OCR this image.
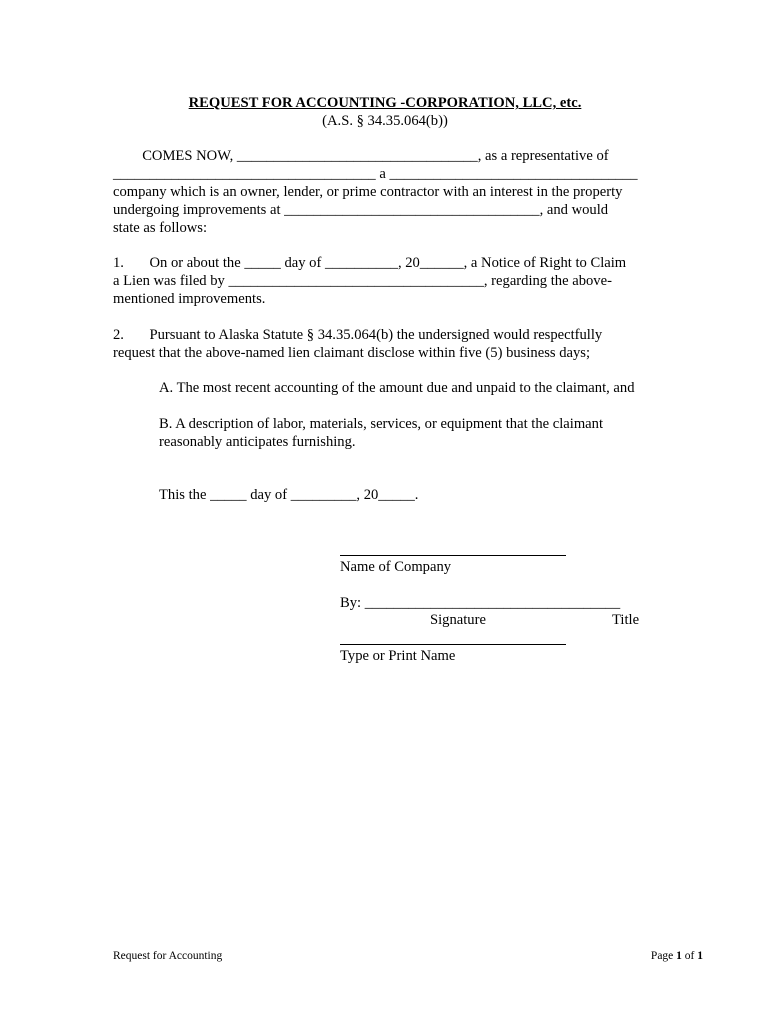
REQUEST FOR ACCOUNTING -CORPORATION, LLC, etc.
(A.S. § 34.35.064(b))
COMES NOW, _________________________________, as a representative of
____________________________________ a __________________________________
company which is an owner, lender, or prime contractor with an interest in the property
undergoing improvements at ___________________________________, and would
state as follows:
1.       On or about the _____ day of __________, 20______, a Notice of Right to Claim
a Lien was filed by ___________________________________, regarding the above-
mentioned improvements.
2.       Pursuant to Alaska Statute § 34.35.064(b) the undersigned would respectfully
request that the above-named lien claimant disclose within five (5) business days;
A. The most recent accounting of the amount due and unpaid to the claimant, and
B. A description of labor, materials, services, or equipment that the claimant
reasonably anticipates furnishing.
This the _____ day of _________, 20_____.
Name of Company
By: ___________________________________
Signature	Title
Type or Print Name
Request for Accounting	Page 1 of 1
